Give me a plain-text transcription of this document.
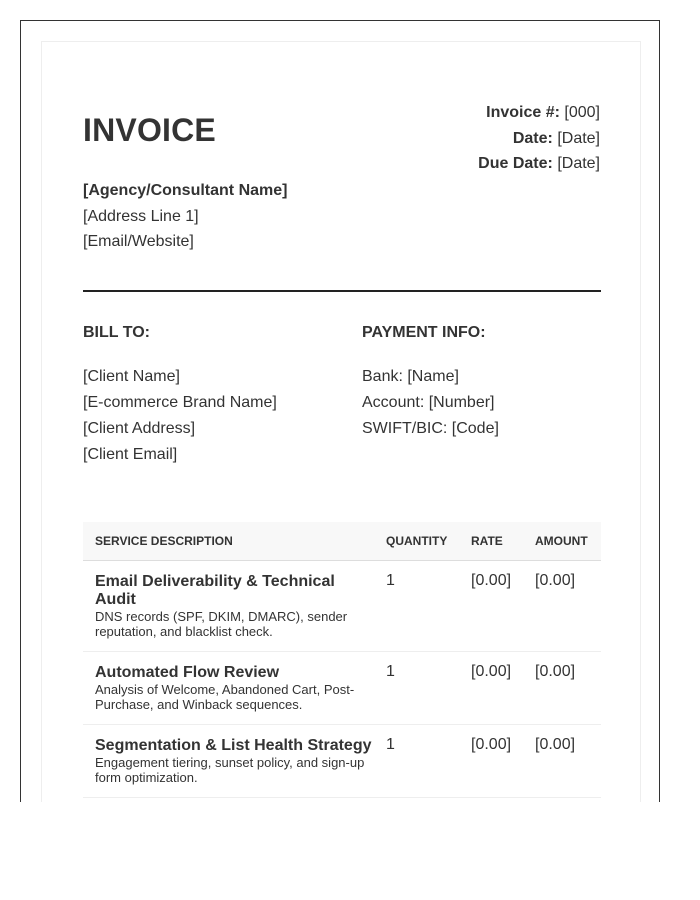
INVOICE	Invoice #: [000]
Date: [Date]
Due Date: [Date]
[Agency/Consultant Name]
[Address Line 1]
[Email/Website]
BILL TO:
[Client Name]
[E-commerce Brand Name]
[Client Address]
[Client Email]
PAYMENT INFO:
Bank: [Name]
Account: [Number]
SWIFT/BIC: [Code]
SERVICE DESCRIPTION	QUANTITY	RATE	AMOUNT

Email Deliverability & Technical Audit
DNS records (SPF, DKIM, DMARC), sender reputation, and blacklist check.	1	[0.00]	[0.00]

Automated Flow Review
Analysis of Welcome, Abandoned Cart, Post-Purchase, and Winback sequences.	1	[0.00]	[0.00]

Segmentation & List Health Strategy
Engagement tiering, sunset policy, and sign-up form optimization.	1	[0.00]	[0.00]
